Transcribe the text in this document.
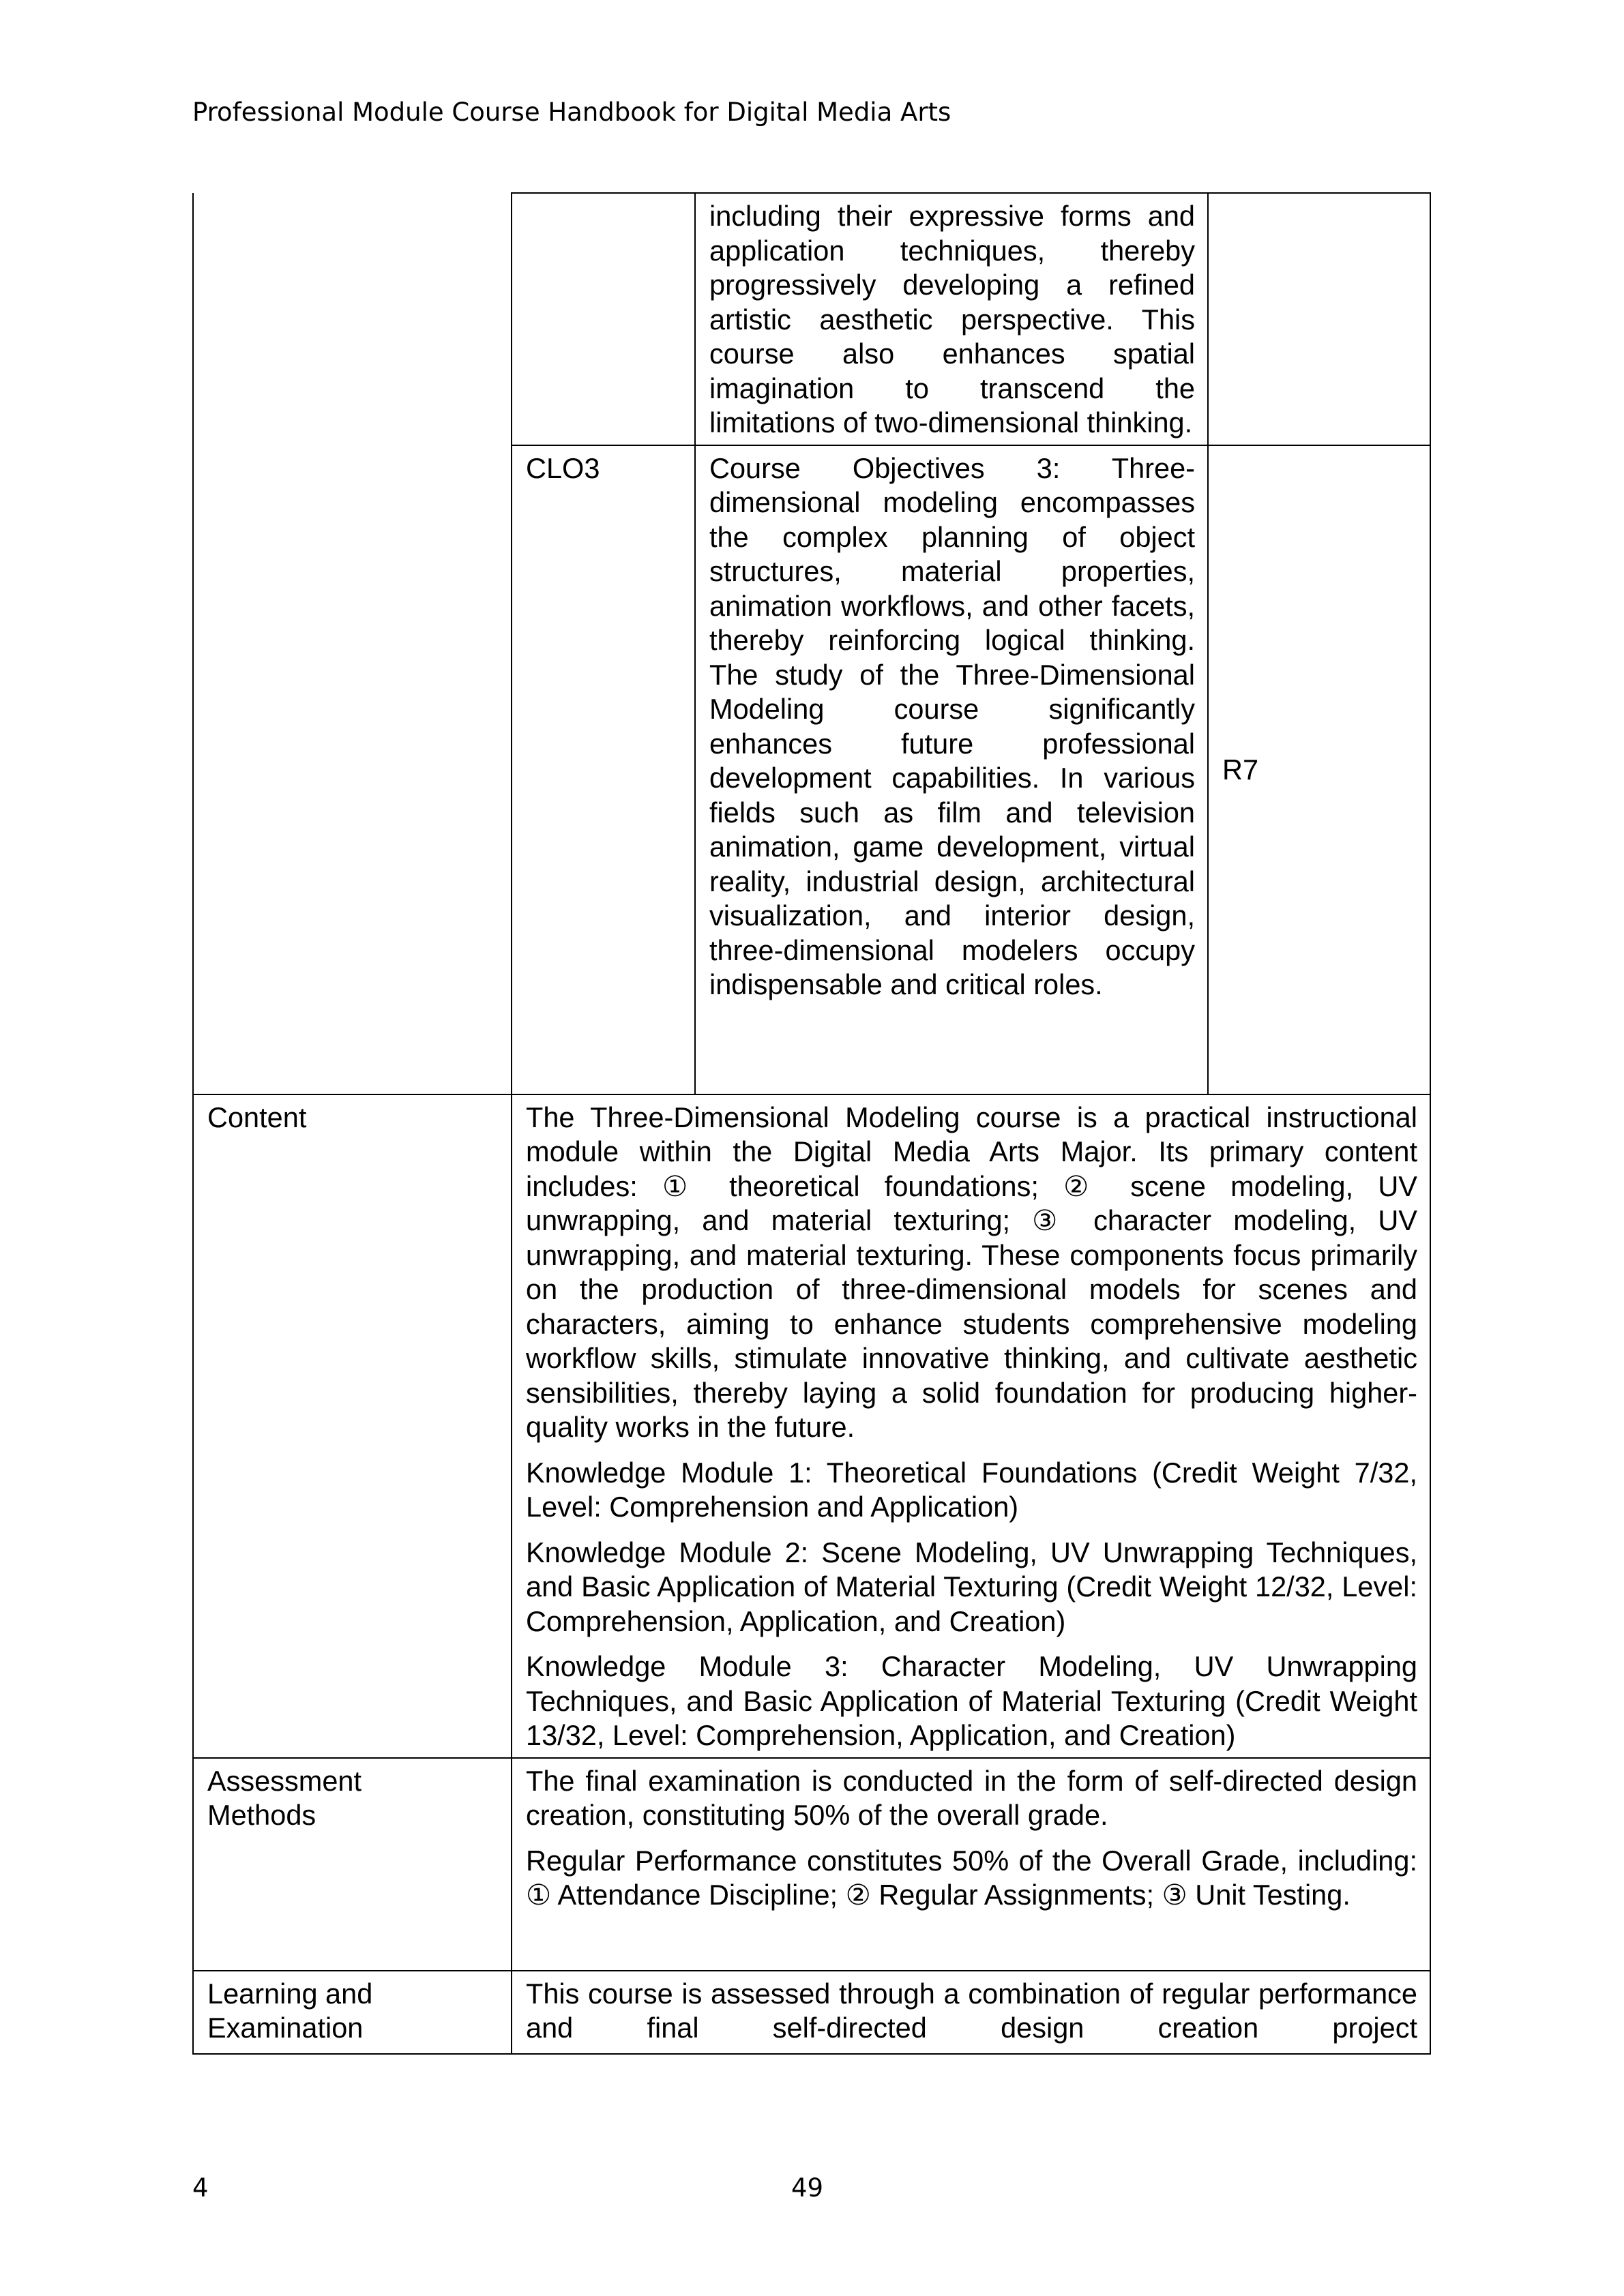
Professional Module Course Handbook for Digital Media Arts
		including their expressive forms and application techniques, thereby progressively developing a refined artistic aesthetic perspective. This course also enhances spatial imagination to transcend the limitations of two-dimensional thinking.	
	CLO3	Course Objectives 3: Three-dimensional modeling encompasses the complex planning of object structures, material properties, animation workflows, and other facets, thereby reinforcing logical thinking. The study of the Three-Dimensional Modeling course significantly enhances future professional development capabilities. In various fields such as film and television animation, game development, virtual reality, industrial design, architectural visualization, and interior design, three-dimensional modelers occupy indispensable and critical roles.	R7
Content	The Three-Dimensional Modeling course is a practical instructional module within the Digital Media Arts Major. Its primary content includes: ① theoretical foundations; ② scene modeling, UV unwrapping, and material texturing; ③ character modeling, UV unwrapping, and material texturing. These components focus primarily on the production of three-dimensional models for scenes and characters, aiming to enhance students comprehensive modeling workflow skills, stimulate innovative thinking, and cultivate aesthetic sensibilities, thereby laying a solid foundation for producing higher-quality works in the future.
Knowledge Module 1: Theoretical Foundations (Credit Weight 7/32, Level: Comprehension and Application)
Knowledge Module 2: Scene Modeling, UV Unwrapping Techniques, and Basic Application of Material Texturing (Credit Weight 12/32, Level: Comprehension, Application, and Creation)
Knowledge Module 3: Character Modeling, UV Unwrapping Techniques, and Basic Application of Material Texturing (Credit Weight 13/32, Level: Comprehension, Application, and Creation)		

Assessment Methods	The final examination is conducted in the form of self-directed design creation, constituting 50% of the overall grade.
Regular Performance constitutes 50% of the Overall Grade, including: ① Attendance Discipline; ② Regular Assignments; ③ Unit Testing.		

Learning and Examination	This course is assessed through a combination of regular performance and final self-directed design creation project		
4	49
